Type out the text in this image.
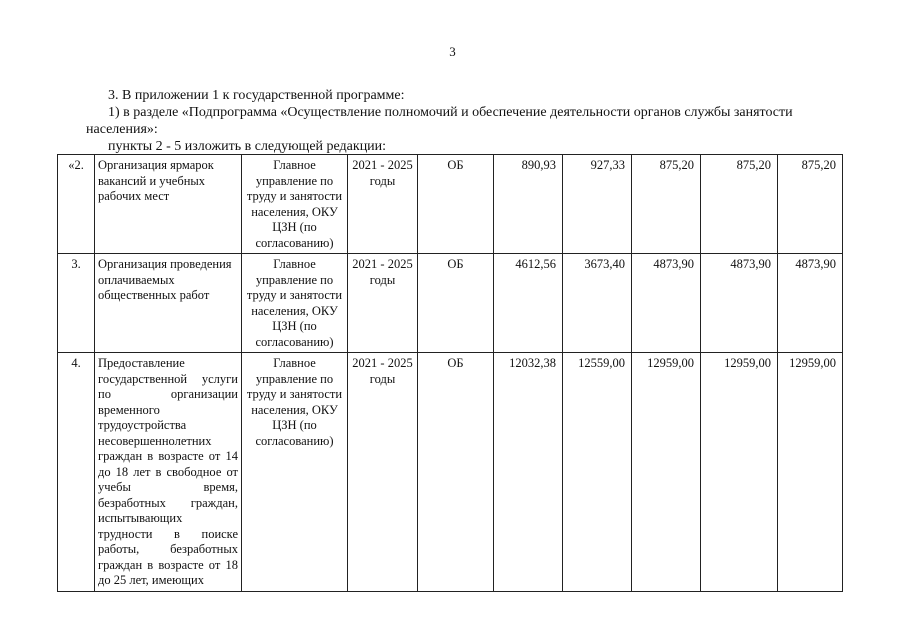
3

3. В приложении 1 к государственной программе:

1) в разделе «Подпрограмма «Осуществление полномочий и обеспечение деятельности органов службы занятости населения»:

пункты 2 - 5 изложить в следующей редакции:

«2.	Организация ярмарок вакансий и учебных рабочих мест	Главное управление по труду и занятости населения, ОКУ ЦЗН (по согласованию)	2021 - 2025 годы	ОБ	890,93	927,33	875,20	875,20	875,20
3.	Организация проведения оплачиваемых общественных работ	Главное управление по труду и занятости населения, ОКУ ЦЗН (по согласованию)	2021 - 2025 годы	ОБ	4612,56	3673,40	4873,90	4873,90	4873,90
4.	Предоставление государственной услуги по организации временного трудоустройства несовершеннолетних граждан в возрасте от 14 до 18 лет в свободное от учебы время, безработных граждан, испытывающих трудности в поиске работы, безработных граждан в возрасте от 18 до 25 лет, имеющих	Главное управление по труду и занятости населения, ОКУ ЦЗН (по согласованию)	2021 - 2025 годы	ОБ	12032,38	12559,00	12959,00	12959,00	12959,00
